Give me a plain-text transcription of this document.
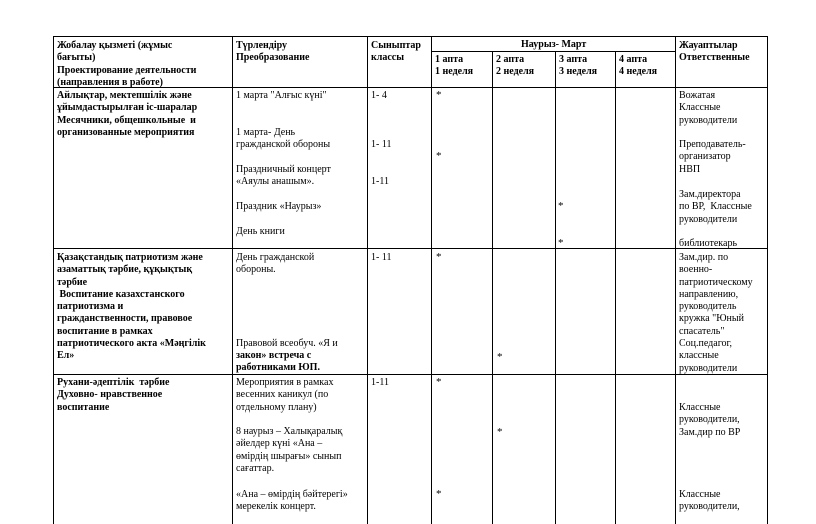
Жобалау қызметі (жұмыс
бағыты)
Проектирование деятельности
(направления в работе)

Түрлендіру
Преобразование

Сыныптар
классы

Наурыз- Март

1 апта
1 неделя

2 апта
2 неделя

3 апта
3 неделя

4 апта
4 неделя

Жауаптылар
Ответственные

Айлықтар, мектепшілік және
ұйымдастырылған іс-шаралар
Месячники, общешкольные  и
организованные мероприятия

1 марта "Алғыс күні"

1 марта- День
гражданской обороны

Праздничный концерт
«Аяулы анашым».

Праздник «Наурыз»

День книги

1- 4

1- 11

1-11

*
*
*
*

Вожатая
Классные
руководители

Преподаватель-
организатор
НВП

Зам.директора
по ВР,  Классные
руководители

библиотекарь

Қазақстандық патриотизм және
азаматтық тәрбие, құқықтық
тәрбие
Воспитание казахстанского
патриотизма и
гражданственности, правовое
воспитание в рамках
патриотического акта «Мәңгілік
Ел»

День гражданской
обороны.

Правовой всеобуч. «Я и

закон» встреча с
работниками ЮП.

1- 11	*
*

Зам.дир. по
военно-
патриотическому
направлению,
руководитель
кружка "Юный
спасатель"
Соц.педагог,
классные
руководители

Рухани-әдептілік  тәрбие
Духовно- нравственное
воспитание

Мероприятия в рамках
весенних каникул (по
отдельному плану)

8 наурыз – Халықаралық
әйелдер күні «Ана –
өмірдің шырағы» сынып
сағаттар.

«Ана – өмірдің бәйтерегі»
мерекелік концерт.

1-11	*
*
*

Классные
руководители,
Зам.дир по ВР

Классные
руководители,
